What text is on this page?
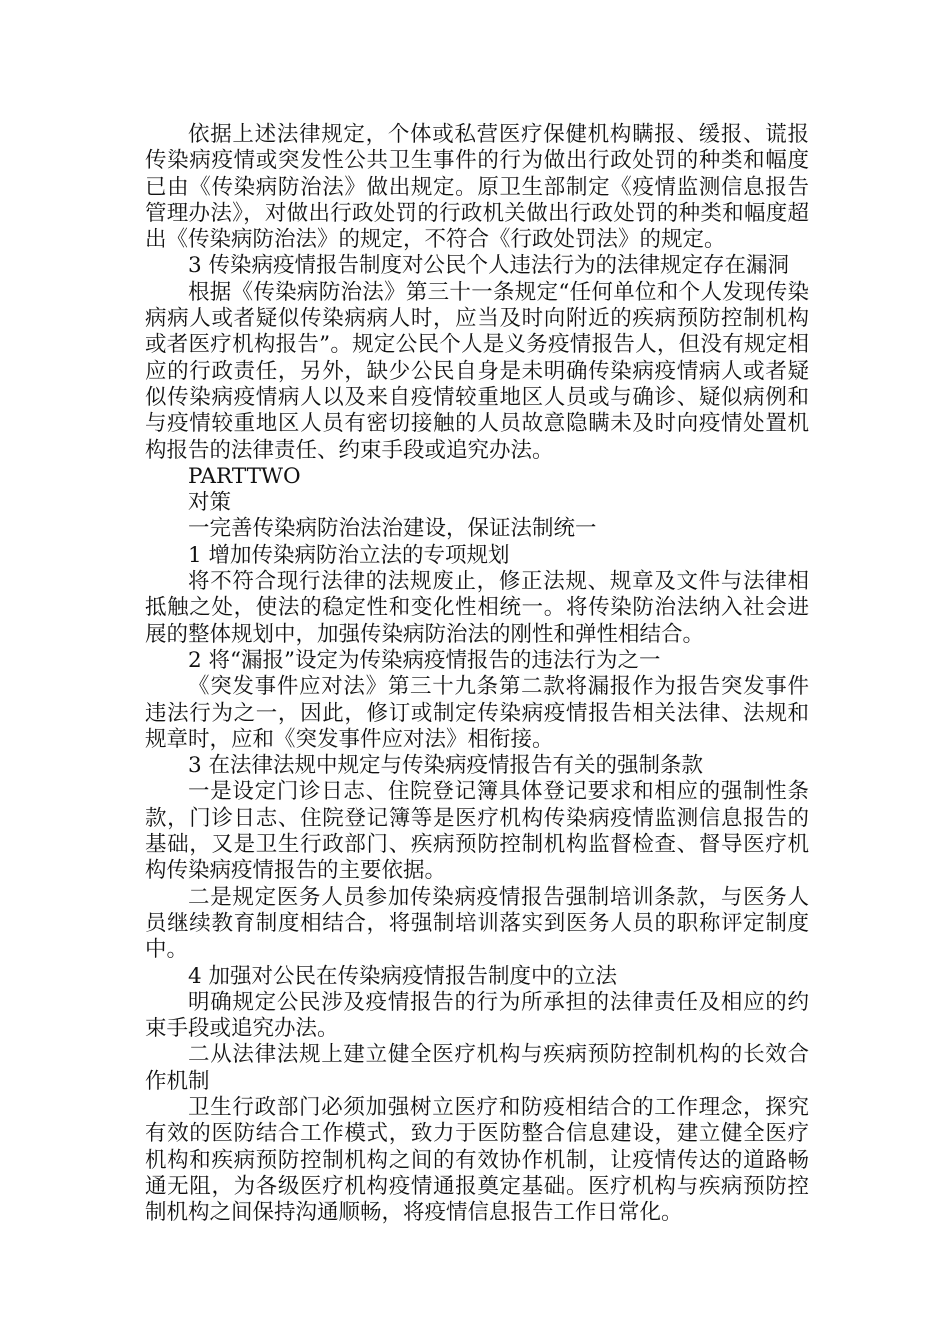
依据上述法律规定，个体或私营医疗保健机构瞒报、缓报、谎报传染病疫情或突发性公共卫生事件的行为做出行政处罚的种类和幅度已由《传染病防治法》做出规定。原卫生部制定《疫情监测信息报告管理办法》，对做出行政处罚的行政机关做出行政处罚的种类和幅度超出《传染病防治法》的规定，不符合《行政处罚法》的规定。

3 传染病疫情报告制度对公民个人违法行为的法律规定存在漏洞

根据《传染病防治法》第三十一条规定“任何单位和个人发现传染病病人或者疑似传染病病人时，应当及时向附近的疾病预防控制机构或者医疗机构报告”。规定公民个人是义务疫情报告人，但没有规定相应的行政责任，另外，缺少公民自身是未明确传染病疫情病人或者疑似传染病疫情病人以及来自疫情较重地区人员或与确诊、疑似病例和与疫情较重地区人员有密切接触的人员故意隐瞒未及时向疫情处置机构报告的法律责任、约束手段或追究办法。

PARTTWO

对策

一完善传染病防治法治建设，保证法制统一

1 增加传染病防治立法的专项规划

将不符合现行法律的法规废止，修正法规、规章及文件与法律相抵触之处，使法的稳定性和变化性相统一。将传染防治法纳入社会进展的整体规划中，加强传染病防治法的刚性和弹性相结合。

2 将“漏报”设定为传染病疫情报告的违法行为之一

《突发事件应对法》第三十九条第二款将漏报作为报告突发事件违法行为之一，因此，修订或制定传染病疫情报告相关法律、法规和规章时，应和《突发事件应对法》相衔接。

3 在法律法规中规定与传染病疫情报告有关的强制条款

一是设定门诊日志、住院登记簿具体登记要求和相应的强制性条款，门诊日志、住院登记簿等是医疗机构传染病疫情监测信息报告的基础，又是卫生行政部门、疾病预防控制机构监督检查、督导医疗机构传染病疫情报告的主要依据。

二是规定医务人员参加传染病疫情报告强制培训条款，与医务人员继续教育制度相结合，将强制培训落实到医务人员的职称评定制度中。

4 加强对公民在传染病疫情报告制度中的立法

明确规定公民涉及疫情报告的行为所承担的法律责任及相应的约束手段或追究办法。

二从法律法规上建立健全医疗机构与疾病预防控制机构的长效合作机制

卫生行政部门必须加强树立医疗和防疫相结合的工作理念，探究有效的医防结合工作模式，致力于医防整合信息建设，建立健全医疗机构和疾病预防控制机构之间的有效协作机制，让疫情传达的道路畅通无阻，为各级医疗机构疫情通报奠定基础。医疗机构与疾病预防控制机构之间保持沟通顺畅，将疫情信息报告工作日常化。
